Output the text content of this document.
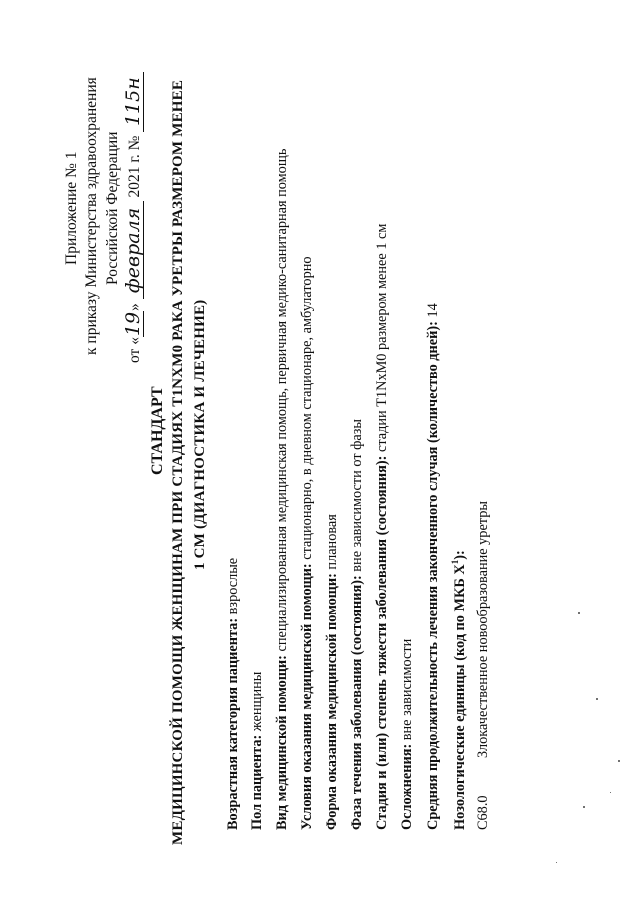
Приложение № 1 к приказу Министерства здравоохранения Российской Федерации
от «19» февраля 2021 г. № 115н
СТАНДАРТ МЕДИЦИНСКОЙ ПОМОЩИ ЖЕНЩИНАМ ПРИ СТАДИЯХ T1NXM0 РАКА УРЕТРЫ РАЗМЕРОМ МЕНЕЕ 1 СМ (ДИАГНОСТИКА И ЛЕЧЕНИЕ)
Возрастная категория пациента: взрослые
Пол пациента: женщины Вид медицинской помощи: специализированная медицинская помощь, первичная медико-санитарная помощь
Условия оказания медицинской помощи: стационарно, в дневном стационаре, амбулаторно
Форма оказания медицинской помощи: плановая
Фаза течения заболевания (состояния): вне зависимости от фазы Стадия и (или) степень тяжести заболевания (состояния): стадии T1NxM0 размером менее 1 см
Осложнения: вне зависимости Средняя продолжительность лечения законченного случая (количество дней): 14
Нозологические единицы (код по МКБ $X^1$):
C68.0Злокачественное новообразование уретры
